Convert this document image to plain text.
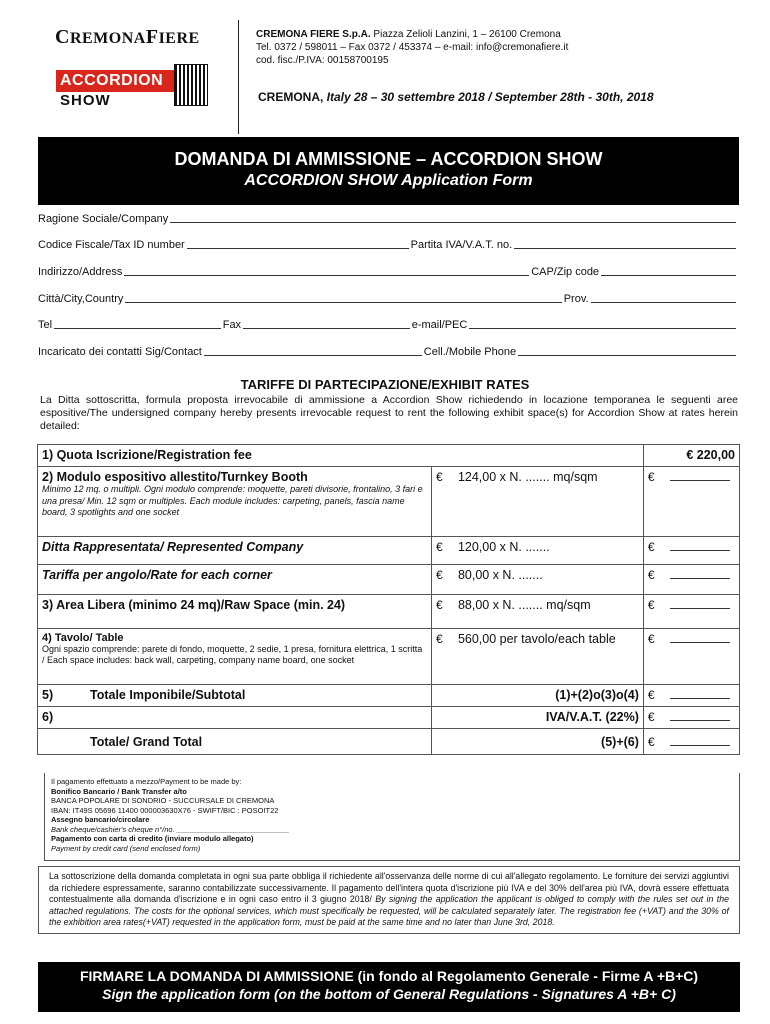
CREMONAFIERE
ACCORDION
SHOW
CREMONA FIERE S.p.A. Piazza Zelioli Lanzini, 1 – 26100 Cremona
Tel. 0372 / 598011 – Fax 0372 / 453374 – e-mail: info@cremonafiere.it
cod. fisc./P.IVA: 00158700195
CREMONA, Italy 28 – 30 settembre 2018 / September 28th - 30th, 2018
DOMANDA DI AMMISSIONE – ACCORDION SHOW
ACCORDION SHOW Application Form
Ragione Sociale/Company
Codice Fiscale/Tax ID number	Partita IVA/V.A.T. no.
Indirizzo/Address	CAP/Zip code
Città/City,Country	Prov.
Tel	Fax	e-mail/PEC
Incaricato dei contatti Sig/Contact	Cell./Mobile Phone
TARIFFE DI PARTECIPAZIONE/EXHIBIT RATES
La Ditta sottoscritta, formula proposta irrevocabile di ammissione a Accordion Show richiedendo in locazione temporanea le seguenti aree espositive/The undersigned company hereby presents irrevocable request to rent the following exhibit space(s) for Accordion Show at rates herein detailed:
1) Quota Iscrizione/Registration fee		€ 220,00

2) Modulo espositivo allestito/Turnkey Booth
Minimo 12 mq. o multipli. Ogni modulo comprende: moquette, pareti divisorie, frontalino, 3 fari e una presa/ Min. 12 sqm or multiples. Each module includes: carpeting, panels, fascia name board, 3 spotlights and one socket	€ 124,00 x N. ....... mq/sqm	€
Ditta Rappresentata/ Represented Company	€ 120,00 x N. .......	€
Tariffa per angolo/Rate for each corner	€ 80,00 x N. .......	€
3) Area Libera (minimo 24 mq)/Raw Space (min. 24)	€ 88,00 x N. ....... mq/sqm	€

4) Tavolo/ Table
Ogni spazio comprende: parete di fondo, moquette, 2 sedie, 1 presa, fornitura elettrica, 1 scritta / Each space includes: back wall, carpeting, company name board, one socket	€ 560,00 per tavolo/each table	€
5) Totale Imponibile/Subtotal	(1)+(2)o(3)o(4)	€
6)	IVA/V.A.T. (22%)	€
Totale/ Grand Total	(5)+(6)	€
Il pagamento effettuato a mezzo/Payment to be made by:
Bonifico Bancario / Bank Transfer a/to
BANCA POPOLARE DI SONDRIO - SUCCURSALE DI CREMONA
IBAN: IT49S 05696 11400 000003630X76 - SWIFT/BIC : POSOIT22
Assegno bancario/circolare
Bank cheque/cashier's cheque n°/no. ___________________________
Pagamento con carta di credito (inviare modulo allegato)
Payment by credit card (send enclosed form)
La sottoscrizione della domanda completata in ogni sua parte obbliga il richiedente all'osservanza delle norme di cui all'allegato regolamento. Le forniture dei servizi aggiuntivi da richiedere espressamente, saranno contabilizzate successivamente. Il pagamento dell'intera quota d'iscrizione più IVA e del 30% dell'area più IVA, dovrà essere effettuata contestualmente alla domanda d'iscrizione e in ogni caso entro il 3 giugno 2018/ By signing the application the applicant is obliged to comply with the rules set out in the attached regulations. The costs for the optional services, which must specifically be requested, will be calculated separately later. The registration fee (+VAT) and the 30% of the exhibition area rates(+VAT) requested in the application form, must be paid at the same time and no later than June 3rd, 2018.
FIRMARE LA DOMANDA DI AMMISSIONE (in fondo al Regolamento Generale - Firme A +B+C)
Sign the application form (on the bottom of General Regulations - Signatures A +B+ C)
